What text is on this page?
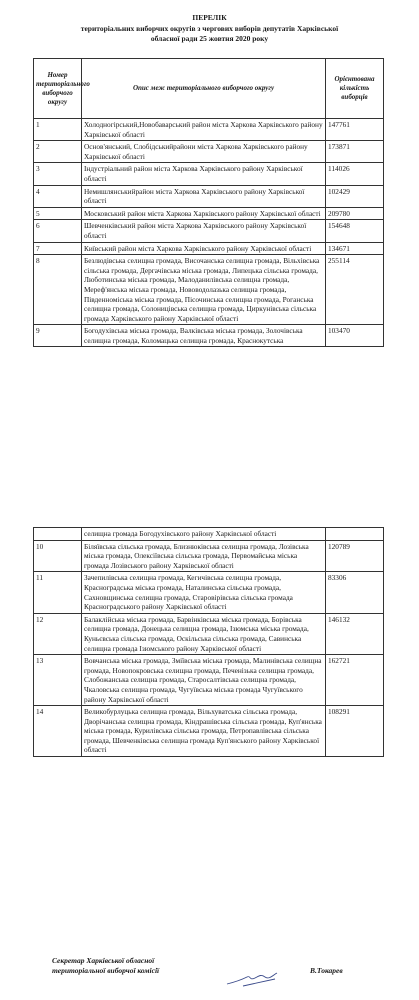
ПЕРЕЛІК
територіальних виборчих округів з чергових виборів депутатів Харківської
обласної ради 25 жовтня 2020 року
Номер територіального виборчого округу	Опис меж територіального виборчого округу	Орієнтована кількість виборців
1	Холодногірський,Новобаварський район міста Харкова Харківського району Харківської області	147761
2	Основ'янський, Слобідськийрайони міста Харкова Харківського району Харківської області	173871
3	Індустріальний район міста Харкова Харківського району Харківської області	114026
4	Немишлянськийрайон міста Харкова Харківського району Харківської області	102429
5	Московський район міста Харкова Харківського району Харківської області	209780
6	Шевченківський район міста Харкова Харківського району Харківської області	154648
7	Київський район міста Харкова Харківського району Харківської області	134671
8	Безлюдівська селищна громада, Височанська селищна громада, Вільхівська сільська громада, Дергачівська міська громада, Липецька сільська громада, Люботинська міська громада, Малоданилівська селищна громада, Мереф'янська міська громада, Нововодолазька селищна громада, Південноміська міська громада, Пісочинська селищна громада, Роганська селищна громада, Солоницівська селищна громада, Циркунівська сільська громада Харківського району Харківської області	255114
9	Богодухівська міська громада, Валківська міська громада, Золочівська селищна громада, Коломацька селищна громада, Краснокутська	103470
	селищна громада Богодухівського району Харківської області	
10	Біляївська сільська громада, Близнюківська селищна громада, Лозівська міська громада, Олексіївська сільська громада, Первомайська міська громада Лозівського району Харківської області	120789
11	Зачепилівська селищна громада, Кегичівська селищна громада, Красноградська міська громада, Наталинська сільська громада, Сахновщинська селищна громада, Старовірівська сільська громада Красноградського району Харківської області	83306
12	Балаклійська міська громада, Барвінківська міська громада, Борівська селищна громада, Донецька селищна громада, Ізюмська міська громада, Куньєвська сільська громада, Оскільська сільська громада, Савинська селищна громада Ізюмського району Харківської області	146132
13	Вовчанська міська громада, Зміївська міська громада, Малинівська селищна громада, Новопокровська селищна громада, Печенізька селищна громада, Слобожанська селищна громада, Старосалтівська селищна громада, Чкаловська селищна громада, Чугуївська міська громада Чугуївського району Харківської області	162721
14	Великобурлуцька селищна громада, Вільхуватська сільська громада, Дворічанська селищна громада, Кіндрашівська сільська громада, Куп'янська міська громада, Курилівська сільська громада, Петропавлівська сільська громада, Шевченківська селищна громада Куп'янського району Харківської області	108291
Секретар Харківської обласної
територіальної виборчої комісії	В.Токарев
